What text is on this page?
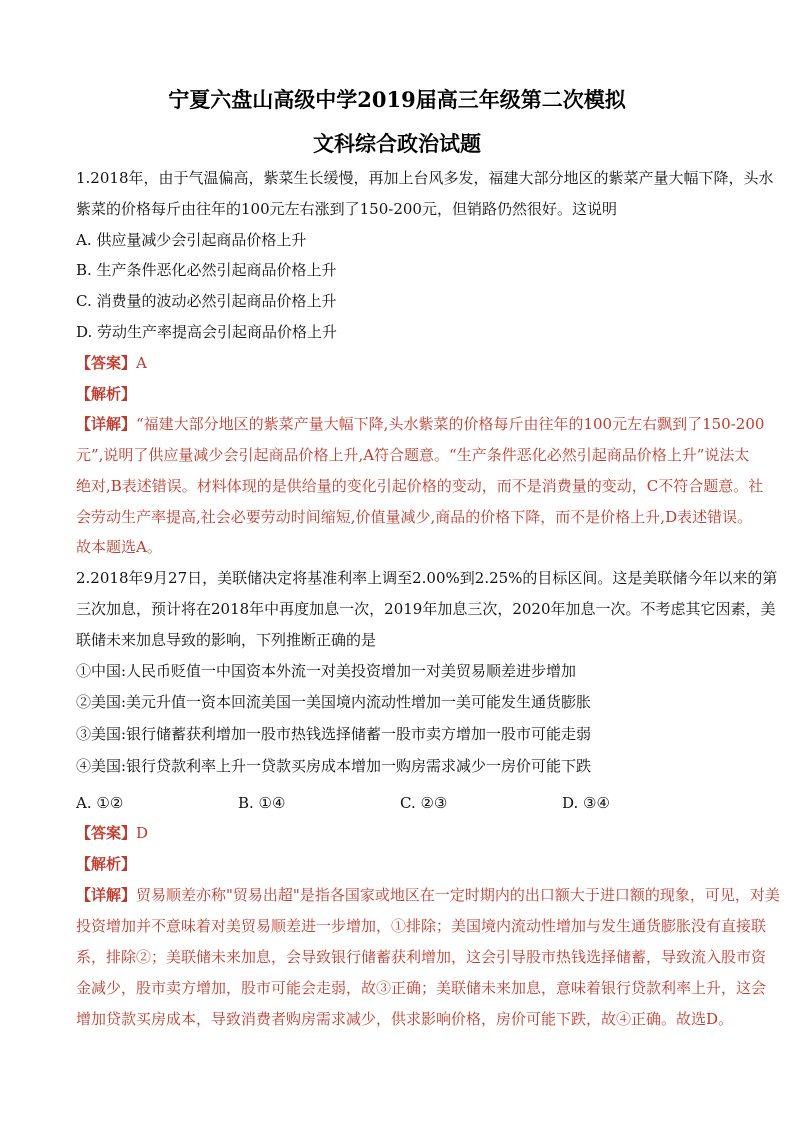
宁夏六盘山高级中学2019届高三年级第二次模拟
文科综合政治试题
1.2018年，由于气温偏高，紫菜生长缓慢，再加上台风多发，福建大部分地区的紫菜产量大幅下降，头水
紫菜的价格每斤由往年的100元左右涨到了150-200元，但销路仍然很好。这说明
A. 供应量减少会引起商品价格上升
B. 生产条件恶化必然引起商品价格上升
C. 消费量的波动必然引起商品价格上升
D. 劳动生产率提高会引起商品价格上升
【答案】A
【解析】
【详解】“福建大部分地区的紫菜产量大幅下降,头水紫菜的价格每斤由往年的100元左右飘到了150-200
元”,说明了供应量减少会引起商品价格上升,A符合题意。“生产条件恶化必然引起商品价格上升”说法太
绝对,B表述错误。材料体现的是供给量的变化引起价格的变动，而不是消费量的变动，C不符合题意。社
会劳动生产率提高,社会必要劳动时间缩短,价值量减少,商品的价格下降，而不是价格上升,D表述错误。
故本题选A。
2.2018年9月27日，美联储决定将基准利率上调至2.00%到2.25%的目标区间。这是美联储今年以来的第
三次加息，预计将在2018年中再度加息一次，2019年加息三次，2020年加息一次。不考虑其它因素，美
联储未来加息导致的影响，下列推断正确的是
①中国:人民币贬值一中国资本外流一对美投资增加一对美贸易顺差进步增加
②美国:美元升值一资本回流美国一美国境内流动性增加一美可能发生通货膨胀
③美国:银行储蓄获利增加一股市热钱选择储蓄一股市卖方增加一股市可能走弱
④美国:银行贷款利率上升一贷款买房成本增加一购房需求减少一房价可能下跌
A. ①②	B. ①④	C. ②③	D. ③④
【答案】D
【解析】
【详解】贸易顺差亦称"贸易出超"是指各国家或地区在一定时期内的出口额大于进口额的现象，可见，对美
投资增加并不意味着对美贸易顺差进一步增加，①排除；美国境内流动性增加与发生通货膨胀没有直接联
系，排除②；美联储未来加息，会导致银行储蓄获利增加，这会引导股市热钱选择储蓄，导致流入股市资
金减少，股市卖方增加，股市可能会走弱，故③正确；美联储未来加息，意味着银行贷款利率上升，这会
增加贷款买房成本，导致消费者购房需求减少，供求影响价格，房价可能下跌，故④正确。故选D。
